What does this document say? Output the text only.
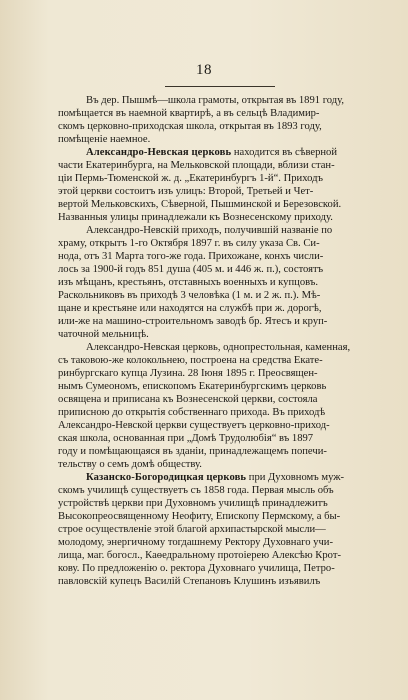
18

Въ дер. Пышмѣ—школа грамоты, открытая въ 1891 году,
помѣщается въ наемной квартирѣ, а въ сельцѣ Владимир-
скомъ церковно-приходская школа, открытая въ 1893 году,
помѣщеніе наемное.

Александро-Невская церковь находится въ сѣверной
части Екатеринбурга, на Мельковской площади, вблизи стан-
ціи Пермь-Тюменской ж. д. „Екатеринбургъ 1-й“. Приходъ
этой церкви состоитъ изъ улицъ: Второй, Третьей и Чет-
вертой Мельковскихъ, Сѣверной, Пышминской и Березовской.
Названныя улицы принадлежали къ Вознесенскому приходу.

Александро-Невскій приходъ, получившій названіе по
храму, открытъ 1-го Октября 1897 г. въ силу указа Св. Си-
нода, отъ 31 Марта того-же года. Прихожане, конхъ числи-
лось за 1900-й годъ 851 душа (405 м. и 446 ж. п.), состоятъ
изъ мѣщанъ, крестьянъ, отставныхъ военныхъ и купцовъ.
Раскольниковъ въ приходѣ 3 человѣка (1 м. и 2 ж. п.). Мѣ-
щане и крестьяне или находятся на службѣ при ж. дорогѣ,
или-же на машино-строительномъ заводѣ бр. Ятесъ и круп-
чаточной мельницѣ.

Александро-Невская церковь, однопрестольная, каменная,
съ таковою-же колокольнею, построена на средства Екате-
ринбургскаго купца Лузина. 28 Іюня 1895 г. Преосвящен-
нымъ Сумеономъ, епископомъ Екатеринбургскимъ церковь
освящена и приписана къ Вознесенской церкви, состояла
приписною до открытія собственнаго прихода. Въ приходѣ
Александро-Невской церкви существуетъ церковно-приход-
ская школа, основанная при „Домѣ Трудолюбія“ въ 1897
году и помѣщающаяся въ зданіи, принадлежащемъ попечи-
тельству о семъ домѣ обществу.

Казанско-Богородицкая церковь при Духовномъ муж-
скомъ училищѣ существуетъ съ 1858 года. Первая мысль объ
устройствѣ церкви при Духовномъ училищѣ принадлежитъ
Высокопреосвященному Неофиту, Епископу Пермскому, а бы-
строе осуществленіе этой благой архипастырской мысли—
молодому, энергичному тогдашнему Ректору Духовнаго учи-
лища, маг. богосл., Каѳедральному протоіерею Алексѣю Крот-
кову. По предложенію о. ректора Духовнаго училища, Петро-
павловскій купецъ Василій Степановъ Клушинъ изъявилъ
